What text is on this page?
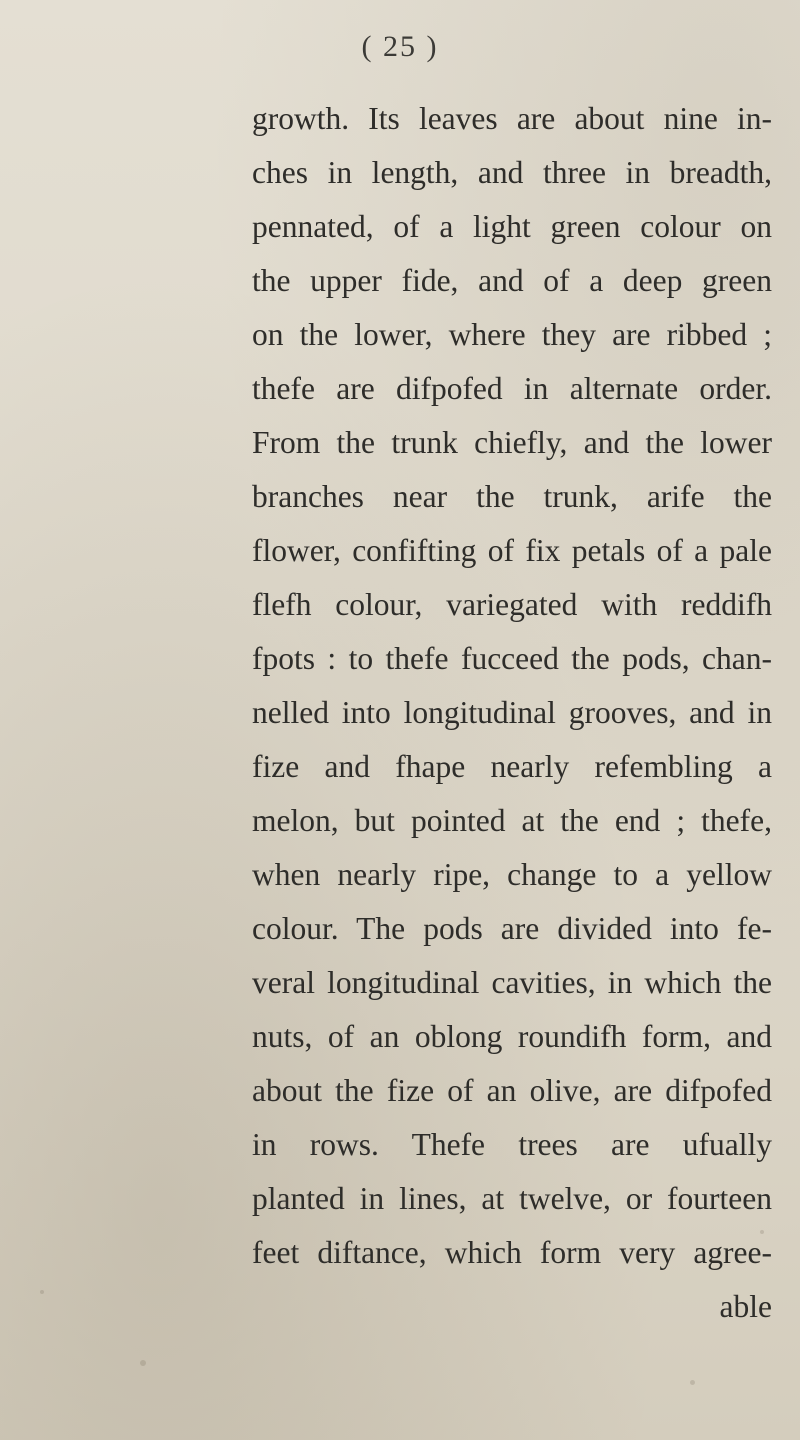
( 25 )
growth. Its leaves are about nine in-
ches in length, and three in breadth,
pennated, of a light green colour on
the upper fide, and of a deep green
on the lower, where they are ribbed ;
thefe are difpofed in alternate order.
From the trunk chiefly, and the lower
branches near the trunk, arife the
flower, confifting of fix petals of a pale
flefh colour, variegated with reddifh
fpots : to thefe fucceed the pods, chan-
nelled into longitudinal grooves, and in
fize and fhape nearly refembling a
melon, but pointed at the end ; thefe,
when nearly ripe, change to a yellow
colour. The pods are divided into fe-
veral longitudinal cavities, in which the
nuts, of an oblong roundifh form, and
about the fize of an olive, are difpofed
in rows. Thefe trees are ufually
planted in lines, at twelve, or fourteen
feet diftance, which form very agree-
able
